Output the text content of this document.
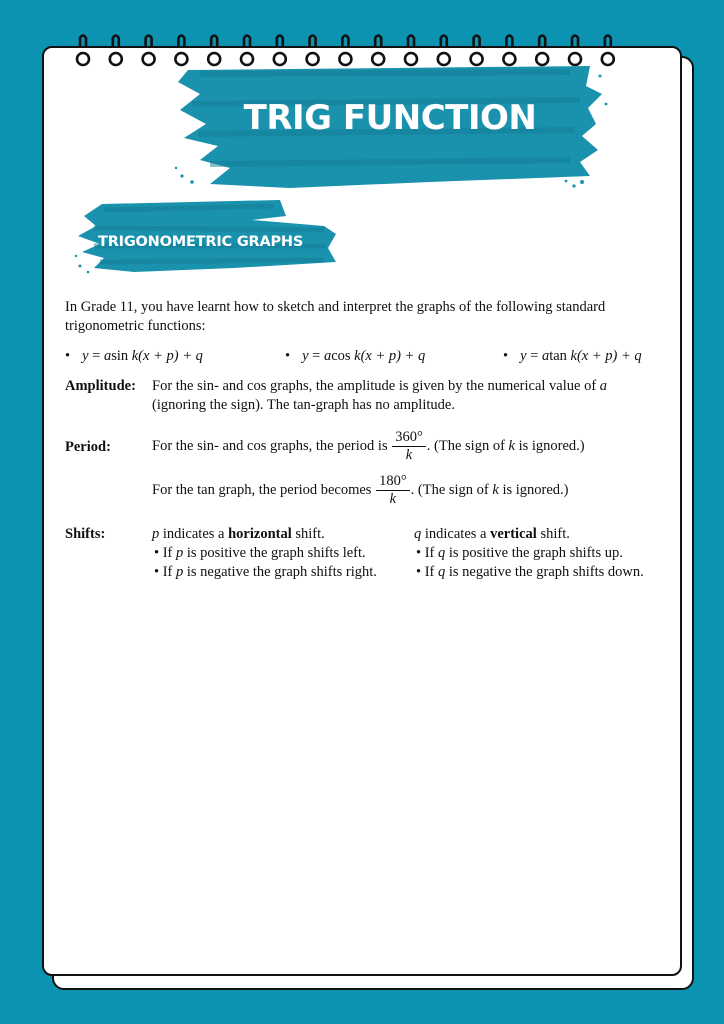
TRIG FUNCTION
TRIGONOMETRIC GRAPHS

In Grade 11, you have learnt how to sketch and interpret the graphs of the following standard

trigonometric functions:

• y = asin k(x + p) + q	• y = acos k(x + p) + q	• y = atan k(x + p) + q
Amplitude: For the sin- and cos graphs, the amplitude is given by the numerical value of a

(ignoring the sign). The tan-graph has no amplitude.

Period:	For the sin- and cos graphs, the period is $\frac{360^\circ}{k}$ . (The sign of k is ignored.)
For the tan graph, the period becomes $\frac{180^\circ}{k}$ . (The sign of k is ignored.)
Shifts:	p indicates a horizontal shift.

• If p is positive the graph shifts left.

• If p is negative the graph shifts right.

q indicates a vertical shift.

• If q is positive the graph shifts up.

• If q is negative the graph shifts down.
